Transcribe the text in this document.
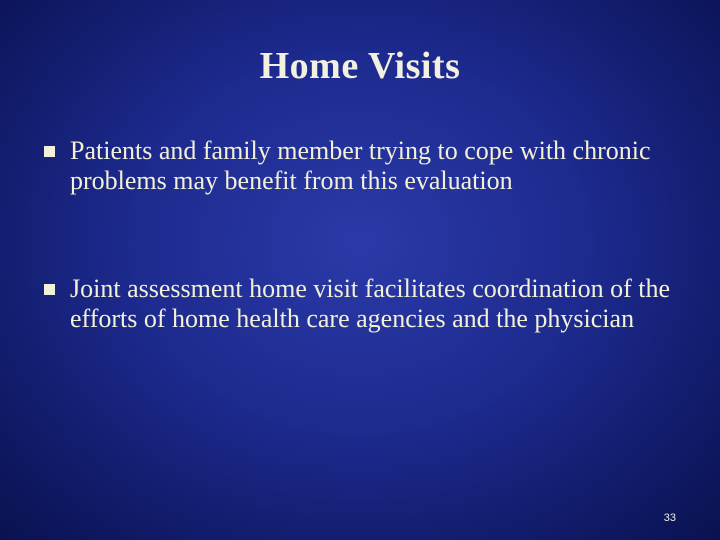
Home Visits
Patients and family member trying to cope with chronic problems may benefit from this evaluation
Joint assessment home visit facilitates coordination of the efforts of home health care agencies and the physician
33
